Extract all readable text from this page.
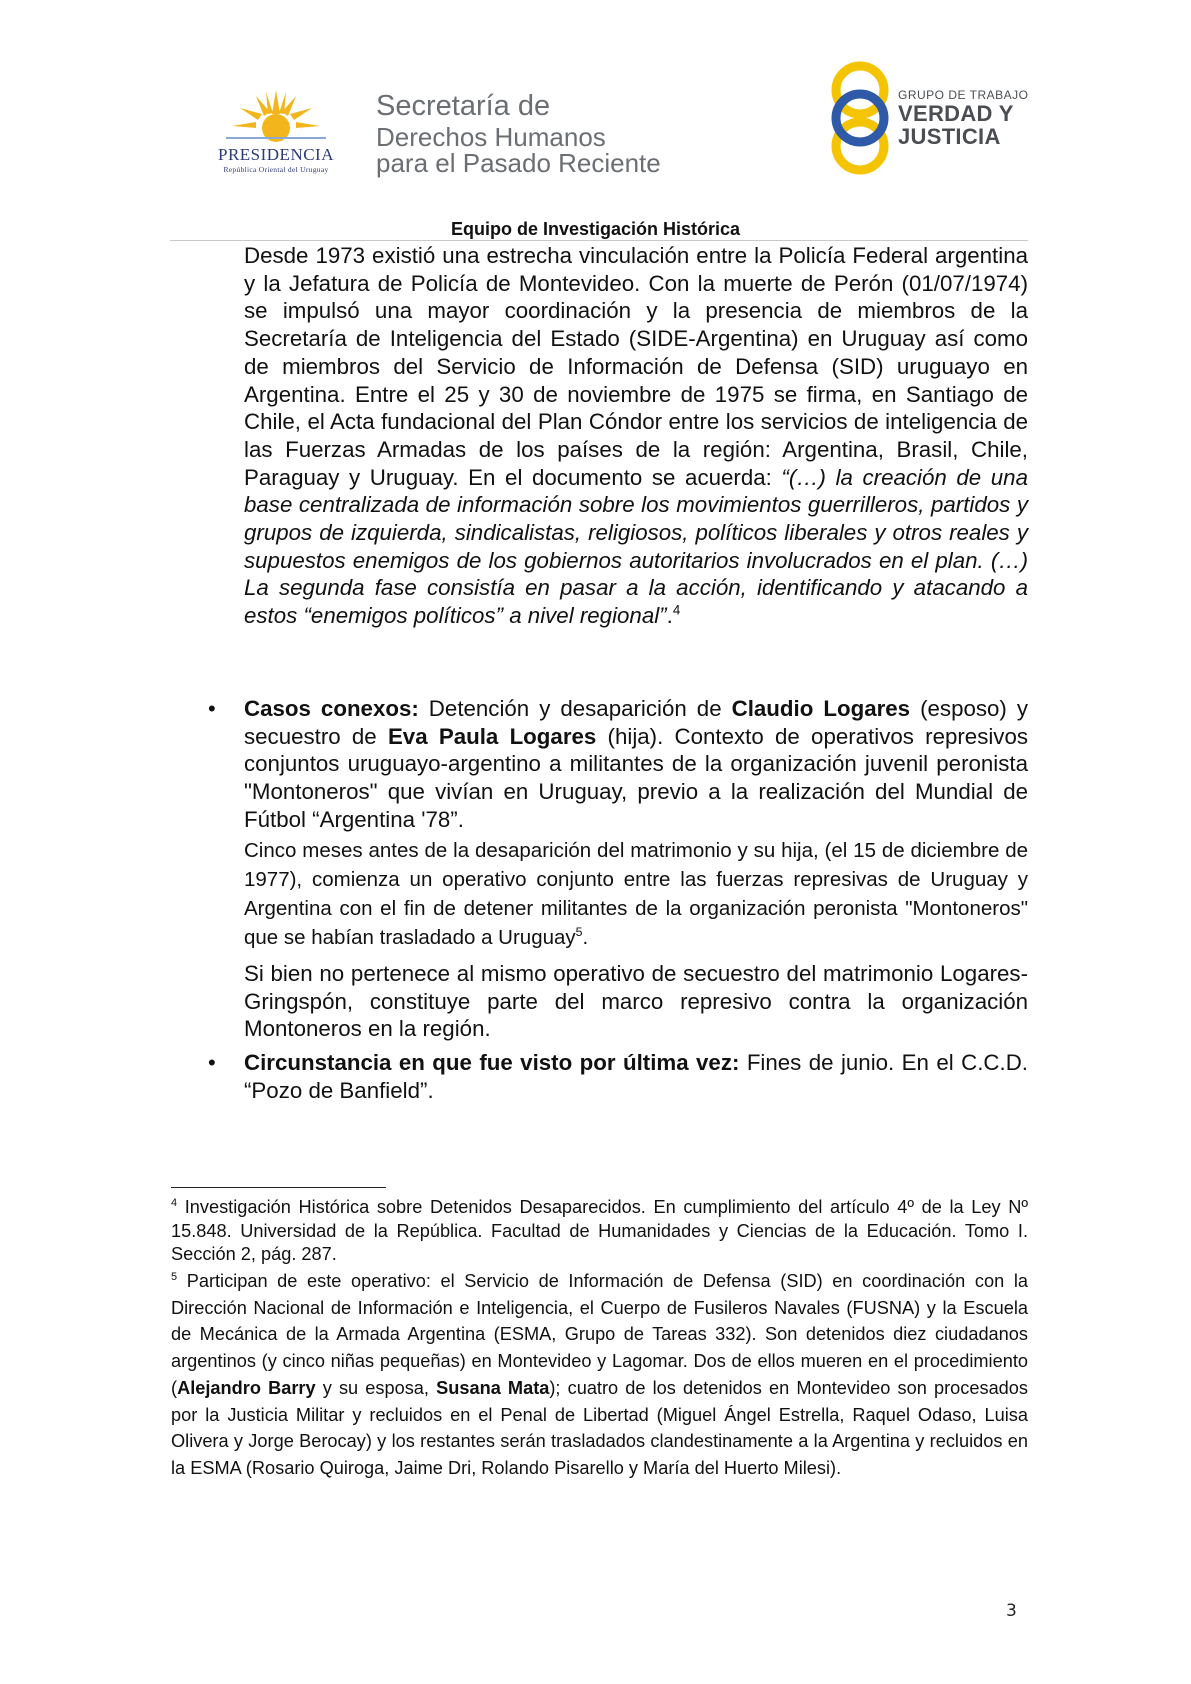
PRESIDENCIA
República Oriental del Uruguay
Secretaría de
Derechos Humanos
para el Pasado Reciente
GRUPO DE TRABAJO
VERDAD Y
JUSTICIA
Equipo de Investigación Histórica
Desde 1973 existió una estrecha vinculación entre la Policía Federal argentina y la Jefatura de Policía de Montevideo. Con la muerte de Perón (01/07/1974) se impulsó una mayor coordinación y la presencia de miembros de la Secretaría de Inteligencia del Estado (SIDE-Argentina) en Uruguay así como de miembros del Servicio de Información de Defensa (SID) uruguayo en Argentina. Entre el 25 y 30 de noviembre de 1975 se firma, en Santiago de Chile, el Acta fundacional del Plan Cóndor entre los servicios de inteligencia de las Fuerzas Armadas de los países de la región: Argentina, Brasil, Chile, Paraguay y Uruguay. En el documento se acuerda: “(…) la creación de una base centralizada de información sobre los movimientos guerrilleros, partidos y grupos de izquierda, sindicalistas, religiosos, políticos liberales y otros reales y supuestos enemigos de los gobiernos autoritarios involucrados en el plan. (…) La segunda fase consistía en pasar a la acción, identificando y atacando a estos “enemigos políticos” a nivel regional”.$^4$
• Casos conexos: Detención y desaparición de Claudio Logares (esposo) y secuestro de Eva Paula Logares (hija). Contexto de operativos represivos conjuntos uruguayo-argentino a militantes de la organización juvenil peronista "Montoneros" que vivían en Uruguay, previo a la realización del Mundial de Fútbol “Argentina '78”.
Cinco meses antes de la desaparición del matrimonio y su hija, (el 15 de diciembre de 1977), comienza un operativo conjunto entre las fuerzas represivas de Uruguay y Argentina con el fin de detener militantes de la organización peronista "Montoneros" que se habían trasladado a Uruguay$^5$.
Si bien no pertenece al mismo operativo de secuestro del matrimonio Logares-Gringspón, constituye parte del marco represivo contra la organización Montoneros en la región.
• Circunstancia en que fue visto por última vez: Fines de junio. En el C.C.D. “Pozo de Banfield”.
$^4$ Investigación Histórica sobre Detenidos Desaparecidos. En cumplimiento del artículo 4º de la Ley Nº 15.848. Universidad de la República. Facultad de Humanidades y Ciencias de la Educación. Tomo I. Sección 2, pág. 287.
$^5$ Participan de este operativo: el Servicio de Información de Defensa (SID) en coordinación con la Dirección Nacional de Información e Inteligencia, el Cuerpo de Fusileros Navales (FUSNA) y la Escuela de Mecánica de la Armada Argentina (ESMA, Grupo de Tareas 332). Son detenidos diez ciudadanos argentinos (y cinco niñas pequeñas) en Montevideo y Lagomar. Dos de ellos mueren en el procedimiento (Alejandro Barry y su esposa, Susana Mata); cuatro de los detenidos en Montevideo son procesados por la Justicia Militar y recluidos en el Penal de Libertad (Miguel Ángel Estrella, Raquel Odaso, Luisa Olivera y Jorge Berocay) y los restantes serán trasladados clandestinamente a la Argentina y recluidos en la ESMA (Rosario Quiroga, Jaime Dri, Rolando Pisarello y María del Huerto Milesi).
3
